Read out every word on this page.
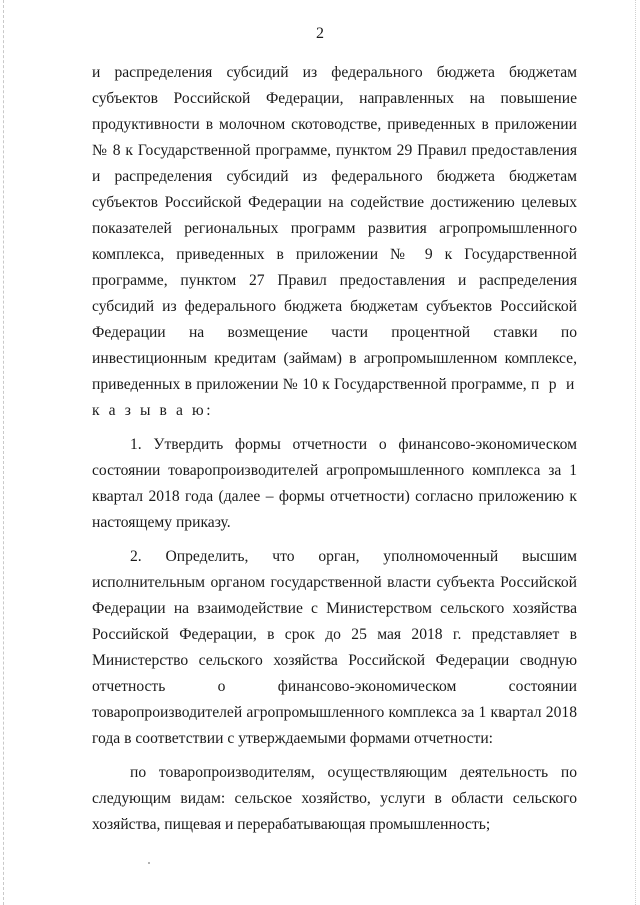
2

и распределения субсидий из федерального бюджета бюджетам субъектов Российской Федерации, направленных на повышение продуктивности в молочном скотоводстве, приведенных в приложении № 8 к Государственной программе, пунктом 29 Правил предоставления и распределения субсидий из федерального бюджета бюджетам субъектов Российской Федерации на содействие достижению целевых показателей региональных программ развития агропромышленного комплекса, приведенных в приложении № 9 к Государственной программе, пунктом 27 Правил предоставления и распределения субсидий из федерального бюджета бюджетам субъектов Российской Федерации на возмещение части процентной ставки по инвестиционным кредитам (займам) в агропромышленном комплексе, приведенных в приложении № 10 к Государственной программе, п р и к а з ы в а ю:

1. Утвердить формы отчетности о финансово-экономическом состоянии товаропроизводителей агропромышленного комплекса за 1 квартал 2018 года (далее – формы отчетности) согласно приложению к настоящему приказу.

2. Определить, что орган, уполномоченный высшим исполнительным органом государственной власти субъекта Российской Федерации на взаимодействие с Министерством сельского хозяйства Российской Федерации, в срок до 25 мая 2018 г. представляет в Министерство сельского хозяйства Российской Федерации сводную отчетность о финансово-экономическом состоянии товаропроизводителей агропромышленного комплекса за 1 квартал 2018 года в соответствии с утверждаемыми формами отчетности:

по товаропроизводителям, осуществляющим деятельность по следующим видам: сельское хозяйство, услуги в области сельского хозяйства, пищевая и перерабатывающая промышленность;
